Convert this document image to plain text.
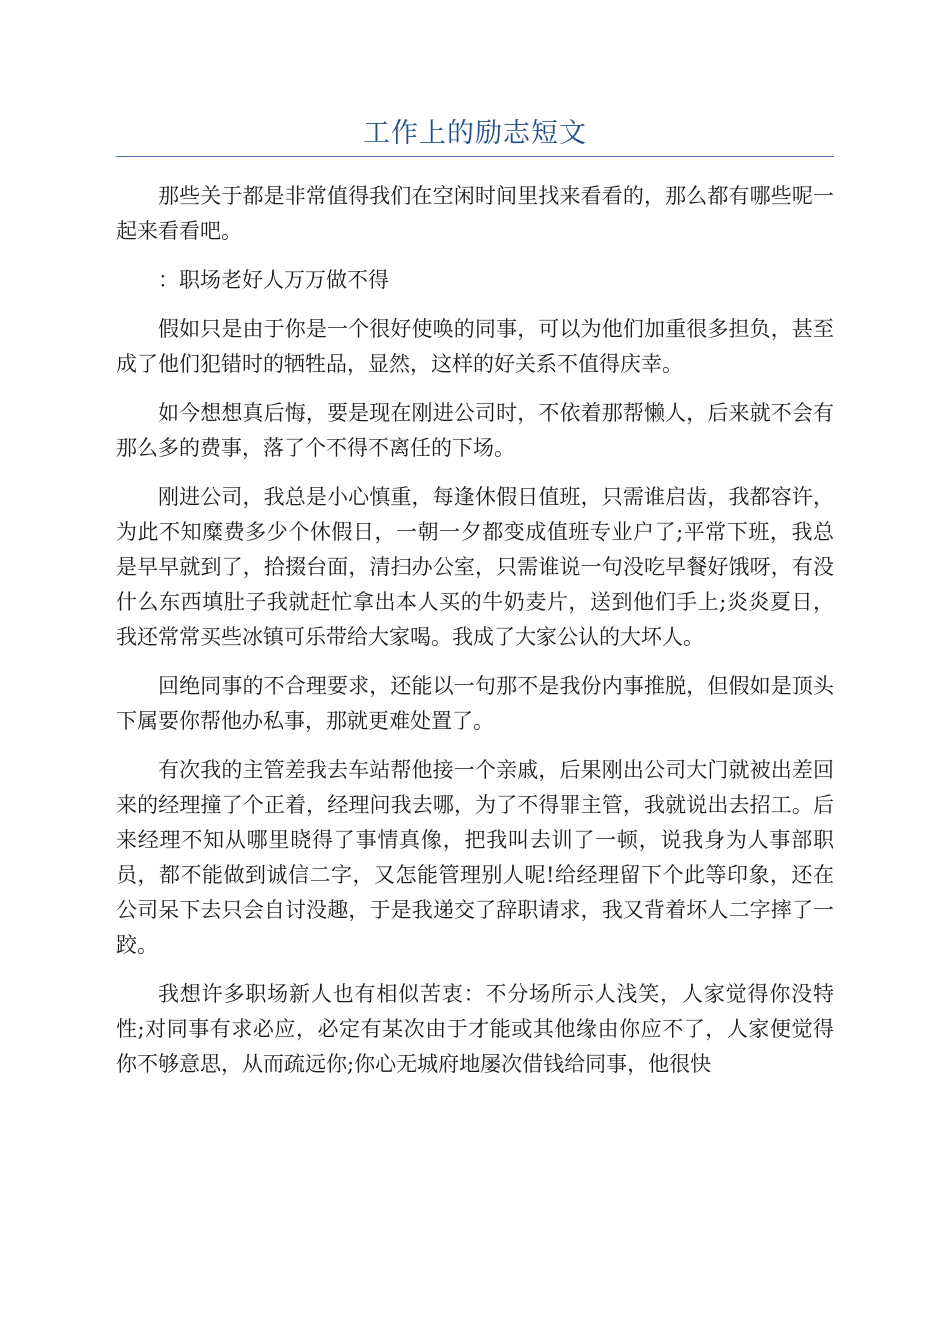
工作上的励志短文

那些关于都是非常值得我们在空闲时间里找来看看的，那么都有哪些呢一起来看看吧。

：职场老好人万万做不得

假如只是由于你是一个很好使唤的同事，可以为他们加重很多担负，甚至成了他们犯错时的牺牲品，显然，这样的好关系不值得庆幸。

如今想想真后悔，要是现在刚进公司时，不依着那帮懒人，后来就不会有那么多的费事，落了个不得不离任的下场。

刚进公司，我总是小心慎重，每逢休假日值班，只需谁启齿，我都容许，为此不知糜费多少个休假日，一朝一夕都变成值班专业户了;平常下班，我总是早早就到了，拾掇台面，清扫办公室，只需谁说一句没吃早餐好饿呀，有没什么东西填肚子我就赶忙拿出本人买的牛奶麦片，送到他们手上;炎炎夏日，我还常常买些冰镇可乐带给大家喝。我成了大家公认的大坏人。

回绝同事的不合理要求，还能以一句那不是我份内事推脱，但假如是顶头下属要你帮他办私事，那就更难处置了。

有次我的主管差我去车站帮他接一个亲戚，后果刚出公司大门就被出差回来的经理撞了个正着，经理问我去哪，为了不得罪主管，我就说出去招工。后来经理不知从哪里晓得了事情真像，把我叫去训了一顿，说我身为人事部职员，都不能做到诚信二字，又怎能管理别人呢!给经理留下个此等印象，还在公司呆下去只会自讨没趣，于是我递交了辞职请求，我又背着坏人二字摔了一跤。

我想许多职场新人也有相似苦衷：不分场所示人浅笑，人家觉得你没特性;对同事有求必应，必定有某次由于才能或其他缘由你应不了，人家便觉得你不够意思，从而疏远你;你心无城府地屡次借钱给同事，他很快
